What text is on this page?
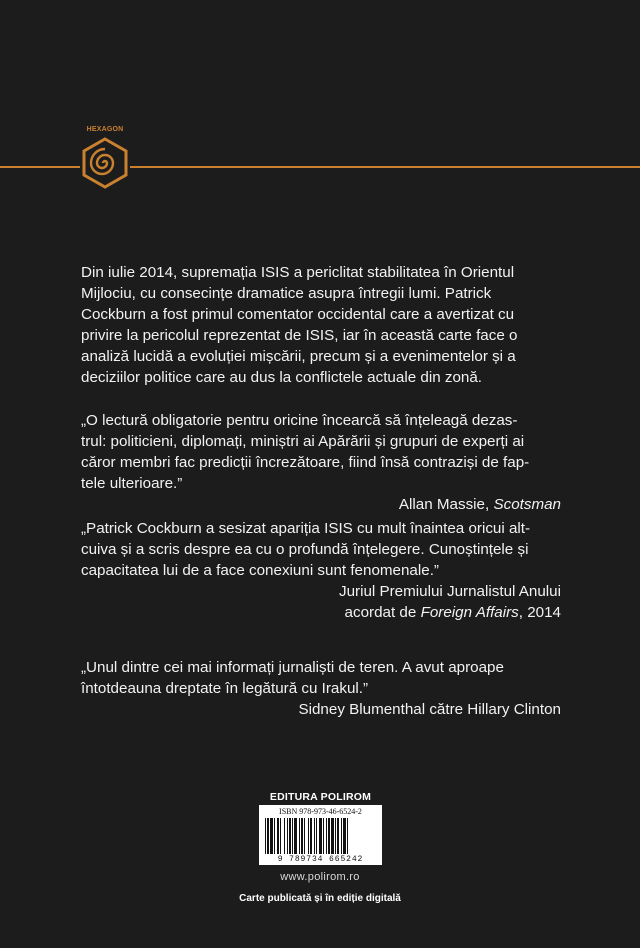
HEXAGON
Din iulie 2014, supremația ISIS a periclitat stabilitatea în Orientul
Mijlociu, cu consecințe dramatice asupra întregii lumi. Patrick
Cockburn a fost primul comentator occidental care a avertizat cu
privire la pericolul reprezentat de ISIS, iar în această carte face o
analiză lucidă a evoluției mișcării, precum și a evenimentelor și a
deciziilor politice care au dus la conflictele actuale din zonă.
„O lectură obligatorie pentru oricine încearcă să înțeleagă dezas-
trul: politicieni, diplomați, miniștri ai Apărării și grupuri de experți ai
căror membri fac predicții încrezătoare, fiind însă contraziși de fap-
tele ulterioare.”
Allan Massie, Scotsman
„Patrick Cockburn a sesizat apariția ISIS cu mult înaintea oricui alt-
cuiva și a scris despre ea cu o profundă înțelegere. Cunoștințele și
capacitatea lui de a face conexiuni sunt fenomenale.”
Juriul Premiului Jurnalistul Anului
acordat de Foreign Affairs, 2014
„Unul dintre cei mai informați jurnaliști de teren. A avut aproape
întotdeauna dreptate în legătură cu Irakul.”
Sidney Blumenthal către Hillary Clinton
EDITURA POLIROM
ISBN 978-973-46-6524-2
9 789734 665242
www.polirom.ro
Carte publicată și în ediție digitală
